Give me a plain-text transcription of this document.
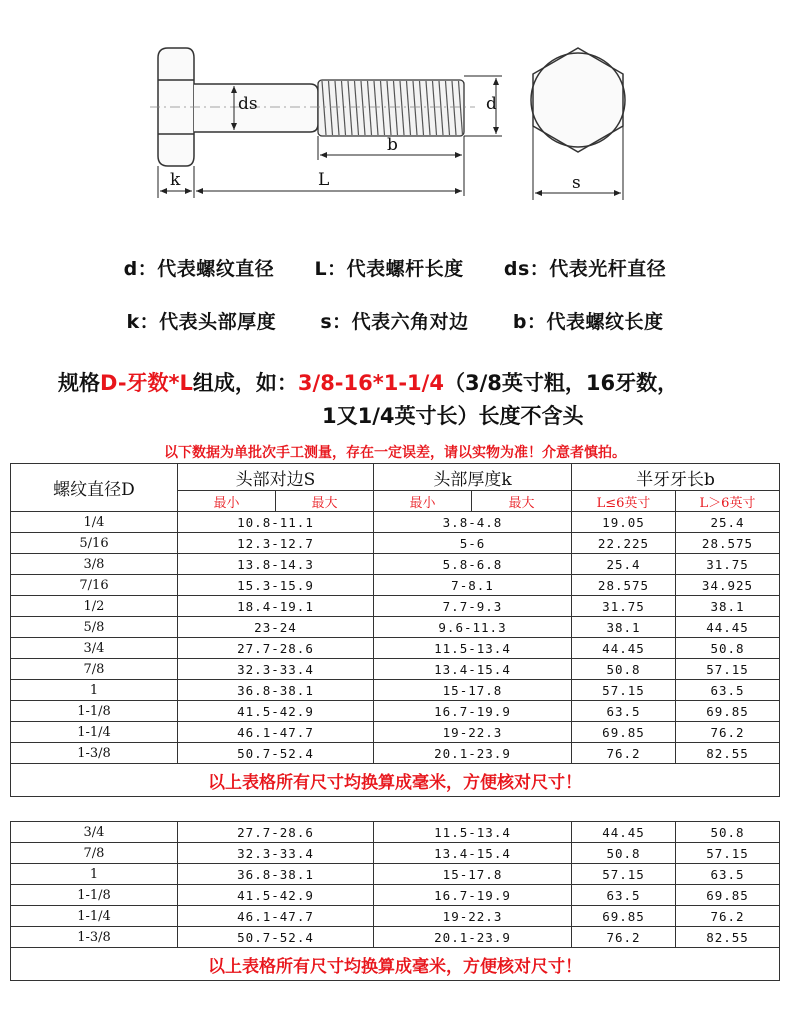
ds	d
b
k	L	s
d：代表螺纹直径 L：代表螺杆长度 ds：代表光杆直径
k：代表头部厚度 s：代表六角对边 b：代表螺纹长度
规格D-牙数*L组成，如：3/8-16*1-1/4（3/8英寸粗，16牙数，
1又1/4英寸长）长度不含头
以下数据为单批次手工测量，存在一定误差，请以实物为准！介意者慎拍。
螺纹直径D	头部对边S		头部厚度k		半牙牙长b	
	最小	最大	最小	最大	L≤6英寸	L＞6英寸
1/4	10.8-11.1		3.8-4.8		19.05	25.4
5/16	12.3-12.7		5-6		22.225	28.575
3/8	13.8-14.3		5.8-6.8		25.4	31.75
7/16	15.3-15.9		7-8.1		28.575	34.925
1/2	18.4-19.1		7.7-9.3		31.75	38.1
5/8	23-24		9.6-11.3		38.1	44.45
3/4	27.7-28.6		11.5-13.4		44.45	50.8
7/8	32.3-33.4		13.4-15.4		50.8	57.15
1	36.8-38.1		15-17.8		57.15	63.5
1-1/8	41.5-42.9		16.7-19.9		63.5	69.85
1-1/4	46.1-47.7		19-22.3		69.85	76.2
1-3/8	50.7-52.4		20.1-23.9		76.2	82.55
以上表格所有尺寸均换算成毫米，方便核对尺寸！						
3/4	27.7-28.6	11.5-13.4	44.45	50.8
7/8	32.3-33.4	13.4-15.4	50.8	57.15
1	36.8-38.1	15-17.8	57.15	63.5
1-1/8	41.5-42.9	16.7-19.9	63.5	69.85
1-1/4	46.1-47.7	19-22.3	69.85	76.2
1-3/8	50.7-52.4	20.1-23.9	76.2	82.55
以上表格所有尺寸均换算成毫米，方便核对尺寸！				
